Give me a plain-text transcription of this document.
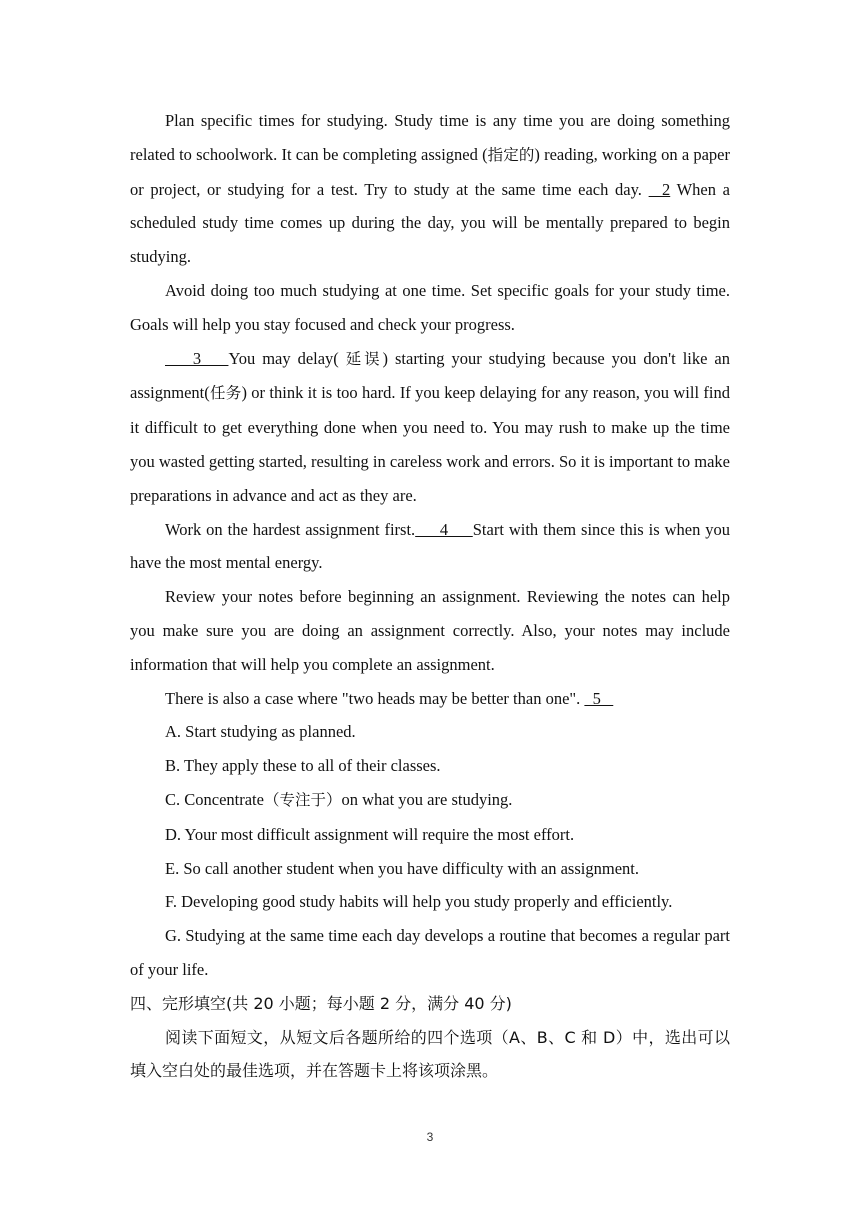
Plan specific times for studying. Study time is any time you are doing something related to schoolwork. It can be completing assigned (指定的) reading, working on a paper or project, or studying for a test. Try to study at the same time each day.   2 When a scheduled study time comes up during the day, you will be mentally prepared to begin studying.

Avoid doing too much studying at one time. Set specific goals for your study time. Goals will help you stay focused and check your progress.

3    You may delay( 延误) starting your studying because you don't like an assignment(任务) or think it is too hard. If you keep delaying for any reason, you will find it difficult to get everything done when you need to. You may rush to make up the time you wasted getting started, resulting in careless work and errors. So it is important to make preparations in advance and act as they are.

Work on the hardest assignment first.     4     Start with them since this is when you have the most mental energy.

Review your notes before beginning an assignment. Reviewing the notes can help you make sure you are doing an assignment correctly. Also, your notes may include information that will help you complete an assignment.

There is also a case where "two heads may be better than one".   5

A. Start studying as planned.

B. They apply these to all of their classes.

C. Concentrate（专注于）on what you are studying.

D. Your most difficult assignment will require the most effort.

E. So call another student when you have difficulty with an assignment.

F. Developing good study habits will help you study properly and efficiently.

G. Studying at the same time each day develops a routine that becomes a regular part of your life.

四、完形填空(共 20 小题；每小题 2 分，满分 40 分)

阅读下面短文，从短文后各题所给的四个选项（A、B、C 和 D）中，选出可以填入空白处的最佳选项，并在答题卡上将该项涂黑。

3
